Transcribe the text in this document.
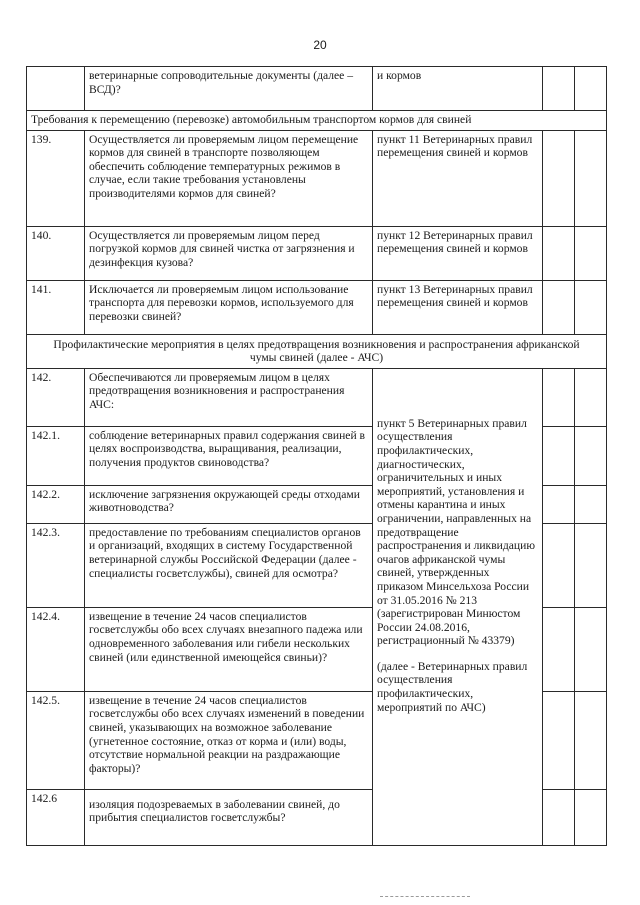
20
	ветеринарные сопроводительные документы (далее – ВСД)?	и кормов		
Требования к перемещению (перевозке) автомобильным транспортом кормов для свиней				
139.	Осуществляется ли проверяемым лицом перемещение кормов для свиней в транспорте позволяющем обеспечить соблюдение температурных режимов в случае, если такие требования установлены производителями кормов для свиней?	пункт 11 Ветеринарных правил перемещения свиней и кормов		
140.	Осуществляется ли проверяемым лицом перед погрузкой кормов для свиней чистка от загрязнения и дезинфекция кузова?	пункт 12 Ветеринарных правил перемещения свиней и кормов		
141.	Исключается ли проверяемым лицом использование транспорта для перевозки кормов, используемого для перевозки свиней?	пункт 13 Ветеринарных правил перемещения свиней и кормов		
Профилактические мероприятия в целях предотвращения возникновения и распространения африканской чумы свиней (далее - АЧС)				
142.	Обеспечиваются ли проверяемым лицом в целях предотвращения возникновения и распространения АЧС:	пункт 5 Ветеринарных правил осуществления профилактических, диагностических, ограничительных и иных мероприятий, установления и отмены карантина и иных ограничении, направленных на предотвращение распространения и ликвидацию очагов африканской чумы свиней, утвержденных приказом Минсельхоза России от 31.05.2016 № 213 (зарегистрирован Минюстом России 24.08.2016, регистрационный № 43379)
(далее - Ветеринарных правил осуществления профилактических, мероприятий по АЧС)		

142.1.	соблюдение ветеринарных правил содержания свиней в целях воспроизводства, выращивания, реализации, получения продуктов свиноводства?			
142.2.	исключение загрязнения окружающей среды отходами животноводства?			
142.3.	предоставление по требованиям специалистов органов и организаций, входящих в систему Государственной ветеринарной службы Российской Федерации (далее - специалисты госветслужбы), свиней для осмотра?			
142.4.	извещение в течение 24 часов специалистов госветслужбы обо всех случаях внезапного падежа или одновременного заболевания или гибели нескольких свиней (или единственной имеющейся свиньи)?			
142.5.	извещение в течение 24 часов специалистов госветслужбы обо всех случаях изменений в поведении свиней, указывающих на возможное заболевание (угнетенное состояние, отказ от корма и (или) воды, отсутствие нормальной реакции на раздражающие факторы)?			
142.6	изоляция подозреваемых в заболевании свиней, до прибытия специалистов госветслужбы?			
